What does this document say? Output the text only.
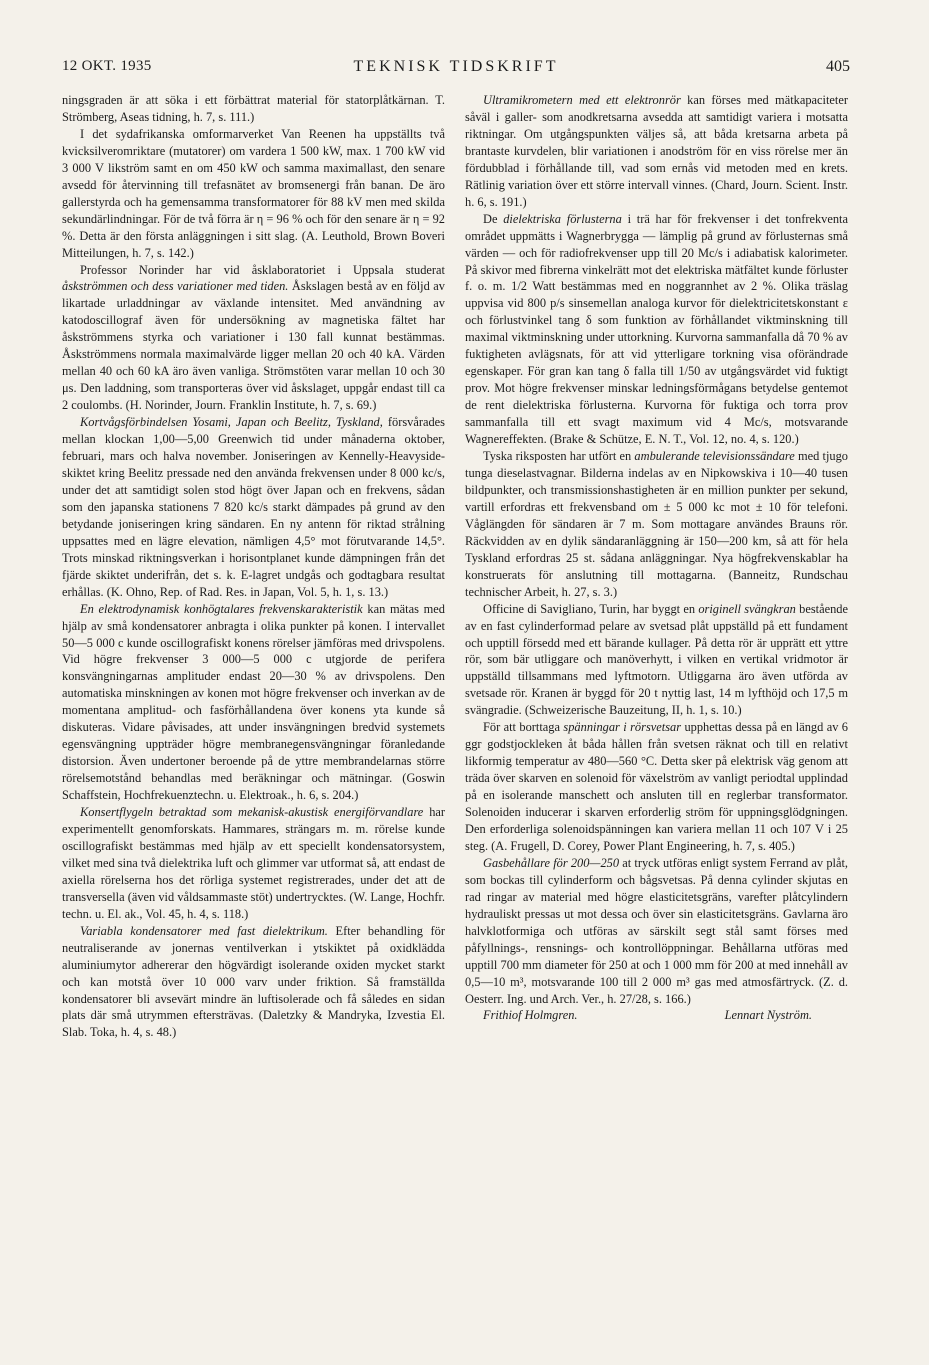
12 OKT. 1935	TEKNISK TIDSKRIFT	405

ningsgraden är att söka i ett förbättrat material för statorplåtkärnan. T. Strömberg, Aseas tidning, h. 7, s. 111.)

I det sydafrikanska omformarverket Van Reenen ha uppställts två kvicksilveromriktare (mutatorer) om vardera 1 500 kW, max. 1 700 kW vid 3 000 V likström samt en om 450 kW och samma maximallast, den senare avsedd för återvinning till trefasnätet av bromsenergi från banan. De äro gallerstyrda och ha gemensamma transformatorer för 88 kV men med skilda sekundärlindningar. För de två förra är η = 96 % och för den senare är η = 92 %. Detta är den första anläggningen i sitt slag. (A. Leuthold, Brown Boveri Mitteilungen, h. 7, s. 142.)

Professor Norinder har vid åsklaboratoriet i Uppsala studerat åskströmmen och dess variationer med tiden. Åskslagen bestå av en följd av likartade urladdningar av växlande intensitet. Med användning av katodoscillograf även för undersökning av magnetiska fältet har åskströmmens styrka och variationer i 130 fall kunnat bestämmas. Åskströmmens normala maximalvärde ligger mellan 20 och 40 kA. Värden mellan 40 och 60 kA äro även vanliga. Strömstöten varar mellan 10 och 30 μs. Den laddning, som transporteras över vid åskslaget, uppgår endast till ca 2 coulombs. (H. Norinder, Journ. Franklin Institute, h. 7, s. 69.)

Kortvågsförbindelsen Yosami, Japan och Beelitz, Tyskland, försvårades mellan klockan 1,00—5,00 Greenwich tid under månaderna oktober, februari, mars och halva november. Joniseringen av Kennelly-Heavyside-skiktet kring Beelitz pressade ned den använda frekvensen under 8 000 kc/s, under det att samtidigt solen stod högt över Japan och en frekvens, sådan som den japanska stationens 7 820 kc/s starkt dämpades på grund av den betydande joniseringen kring sändaren. En ny antenn för riktad strålning uppsattes med en lägre elevation, nämligen 4,5° mot förutvarande 14,5°. Trots minskad riktningsverkan i horisontplanet kunde dämpningen från det fjärde skiktet underifrån, det s. k. E-lagret undgås och godtagbara resultat erhållas. (K. Ohno, Rep. of Rad. Res. in Japan, Vol. 5, h. 1, s. 13.)

En elektrodynamisk konhögtalares frekvenskarakteristik kan mätas med hjälp av små kondensatorer anbragta i olika punkter på konen. I intervallet 50—5 000 c kunde oscillografiskt konens rörelser jämföras med drivspolens. Vid högre frekvenser 3 000—5 000 c utgjorde de perifera konsvängningarnas amplituder endast 20—30 % av drivspolens. Den automatiska minskningen av konen mot högre frekvenser och inverkan av de momentana amplitud- och fasförhållandena över konens yta kunde så diskuteras. Vidare påvisades, att under insvängningen bredvid systemets egensvängning uppträder högre membranegensvängningar föranledande distorsion. Även undertoner beroende på de yttre membrandelarnas större rörelsemotstånd behandlas med beräkningar och mätningar. (Goswin Schaffstein, Hochfrekuenztechn. u. Elektroak., h. 6, s. 204.)

Konsertflygeln betraktad som mekanisk-akustisk energiförvandlare har experimentellt genomforskats. Hammares, strängars m. m. rörelse kunde oscillografiskt bestämmas med hjälp av ett speciellt kondensatorsystem, vilket med sina två dielektrika luft och glimmer var utformat så, att endast de axiella rörelserna hos det rörliga systemet registrerades, under det att de transversella (även vid våldsammaste stöt) undertrycktes. (W. Lange, Hochfr. techn. u. El. ak., Vol. 45, h. 4, s. 118.)

Variabla kondensatorer med fast dielektrikum. Efter behandling för neutraliserande av jonernas ventilverkan i ytskiktet på oxidklädda aluminiumytor adhererar den högvärdigt isolerande oxiden mycket starkt och kan motstå över 10 000 varv under friktion. Så framställda kondensatorer bli avsevärt mindre än luftisolerade och få således en sidan plats där små utrymmen eftersträvas. (Daletzky & Mandryka, Izvestia El. Slab. Toka, h. 4, s. 48.)

Ultramikrometern med ett elektronrör kan förses med mätkapaciteter såväl i galler- som anodkretsarna avsedda att samtidigt variera i motsatta riktningar. Om utgångspunkten väljes så, att båda kretsarna arbeta på brantaste kurvdelen, blir variationen i anodström för en viss rörelse mer än fördubblad i förhållande till, vad som ernås vid metoden med en krets. Rätlinig variation över ett större intervall vinnes. (Chard, Journ. Scient. Instr. h. 6, s. 191.)

De dielektriska förlusterna i trä har för frekvenser i det tonfrekventa området uppmätts i Wagnerbrygga — lämplig på grund av förlusternas små värden — och för radiofrekvenser upp till 20 Mc/s i adiabatisk kalorimeter. På skivor med fibrerna vinkelrätt mot det elektriska mätfältet kunde förluster f. o. m. 1/2 Watt bestämmas med en noggrannhet av 2 %. Olika träslag uppvisa vid 800 p/s sinsemellan analoga kurvor för dielektricitetskonstant ε och förlustvinkel tang δ som funktion av förhållandet viktminskning till maximal viktminskning under uttorkning. Kurvorna sammanfalla då 70 % av fuktigheten avlägsnats, för att vid ytterligare torkning visa oförändrade egenskaper. För gran kan tang δ falla till 1/50 av utgångsvärdet vid fuktigt prov. Mot högre frekvenser minskar ledningsförmågans betydelse gentemot de rent dielektriska förlusterna. Kurvorna för fuktiga och torra prov sammanfalla till ett svagt maximum vid 4 Mc/s, motsvarande Wagnereffekten. (Brake & Schütze, E. N. T., Vol. 12, no. 4, s. 120.)

Tyska riksposten har utfört en ambulerande televisionssändare med tjugo tunga dieselastvagnar. Bilderna indelas av en Nipkowskiva i 10—40 tusen bildpunkter, och transmissionshastigheten är en million punkter per sekund, vartill erfordras ett frekvensband om ± 5 000 kc mot ± 10 för telefoni. Våglängden för sändaren är 7 m. Som mottagare användes Brauns rör. Räckvidden av en dylik sändaranläggning är 150—200 km, så att för hela Tyskland erfordras 25 st. sådana anläggningar. Nya högfrekvenskablar ha konstruerats för anslutning till mottagarna. (Banneitz, Rundschau technischer Arbeit, h. 27, s. 3.)

Officine di Savigliano, Turin, har byggt en originell svängkran bestående av en fast cylinderformad pelare av svetsad plåt uppställd på ett fundament och upptill försedd med ett bärande kullager. På detta rör är upprätt ett yttre rör, som bär utliggare och manöverhytt, i vilken en vertikal vridmotor är uppställd tillsammans med lyftmotorn. Utliggarna äro även utförda av svetsade rör. Kranen är byggd för 20 t nyttig last, 14 m lyfthöjd och 17,5 m svängradie. (Schweizerische Bauzeitung, II, h. 1, s. 10.)

För att borttaga spänningar i rörsvetsar upphettas dessa på en längd av 6 ggr godstjockleken åt båda hållen från svetsen räknat och till en relativt likformig temperatur av 480—560 °C. Detta sker på elektrisk väg genom att träda över skarven en solenoid för växelström av vanligt periodtal upplindad på en isolerande manschett och ansluten till en reglerbar transformator. Solenoiden inducerar i skarven erforderlig ström för uppningsglödgningen. Den erforderliga solenoidspänningen kan variera mellan 11 och 107 V i 25 steg. (A. Frugell, D. Corey, Power Plant Engineering, h. 7, s. 405.)

Gasbehållare för 200—250 at tryck utföras enligt system Ferrand av plåt, som bockas till cylinderform och bågsvetsas. På denna cylinder skjutas en rad ringar av material med högre elasticitetsgräns, varefter plåtcylindern hydrauliskt pressas ut mot dessa och över sin elasticitetsgräns. Gavlarna äro halvklotformiga och utföras av särskilt segt stål samt förses med påfyllnings-, rensnings- och kontrollöppningar. Behållarna utföras med upptill 700 mm diameter för 250 at och 1 000 mm för 200 at med innehåll av 0,5—10 m³, motsvarande 100 till 2 000 m³ gas med atmosfärtryck. (Z. d. Oesterr. Ing. und Arch. Ver., h. 27/28, s. 166.)

Frithiof Holmgren.	Lennart Nyström.
